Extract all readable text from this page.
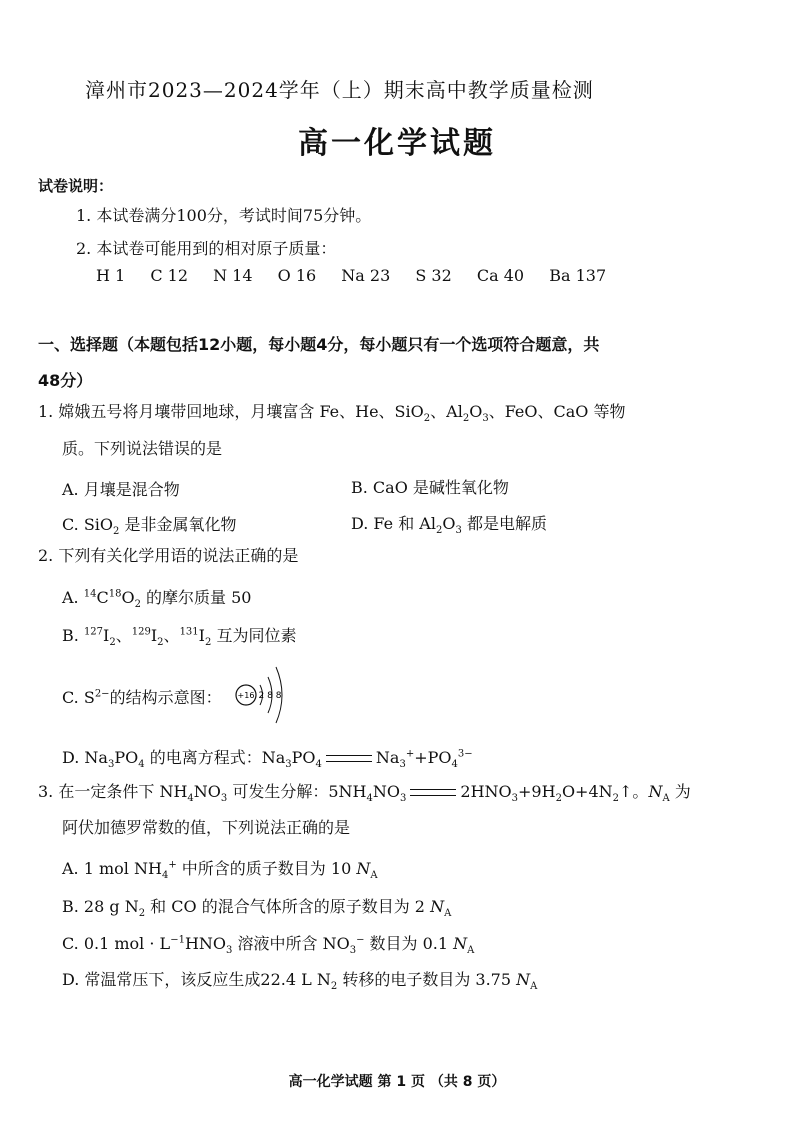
漳州市2023—2024学年（上）期末高中教学质量检测
高一化学试题
试卷说明：
1. 本试卷满分100分，考试时间75分钟。
2. 本试卷可能用到的相对原子质量：
H 1 C 12 N 14 O 16 Na 23 S 32 Ca 40 Ba 137
一、选择题（本题包括12小题，每小题4分，每小题只有一个选项符合题意，共
48分）
1. 嫦娥五号将月壤带回地球，月壤富含 Fe、He、SiO$_2$、$Al_2O_3$、FeO、CaO 等物
质。下列说法错误的是
A. 月壤是混合物	B. CaO 是碱性氧化物
C. SiO$_2$ 是非金属氧化物	D. Fe 和 $Al_2O_3$ 都是电解质
2. 下列有关化学用语的说法正确的是
A. $^{14}C^{18}O_2$ 的摩尔质量 50
B. $^{127}I_2$、$^{129}I_2$、$^{131}I_2$ 互为同位素
C. $S^{2-}$的结构示意图： +16 2 8 8
D. $Na_3PO_4$ 的电离方程式：$Na_3PO_4$	$Na_3^++PO_4^{3-}$
3. 在一定条件下 $NH_4NO_3$ 可发生分解：$5NH_4NO_3$	$2HNO_3+9H_2O+4N_2↑$。$N_A$ 为
阿伏加德罗常数的值，下列说法正确的是
A. 1 mol $NH_4^+$ 中所含的质子数目为 10 $N_A$
B. 28 g $N_2$ 和 CO 的混合气体所含的原子数目为 2 $N_A$
C. 0.1 mol · $L^{-1}HNO_3$ 溶液中所含 $NO_3^-$ 数目为 0.1 $N_A$
D. 常温常压下，该反应生成22.4 L $N_2$ 转移的电子数目为 3.75 $N_A$
高一化学试题 第 1 页 （共 8 页）
